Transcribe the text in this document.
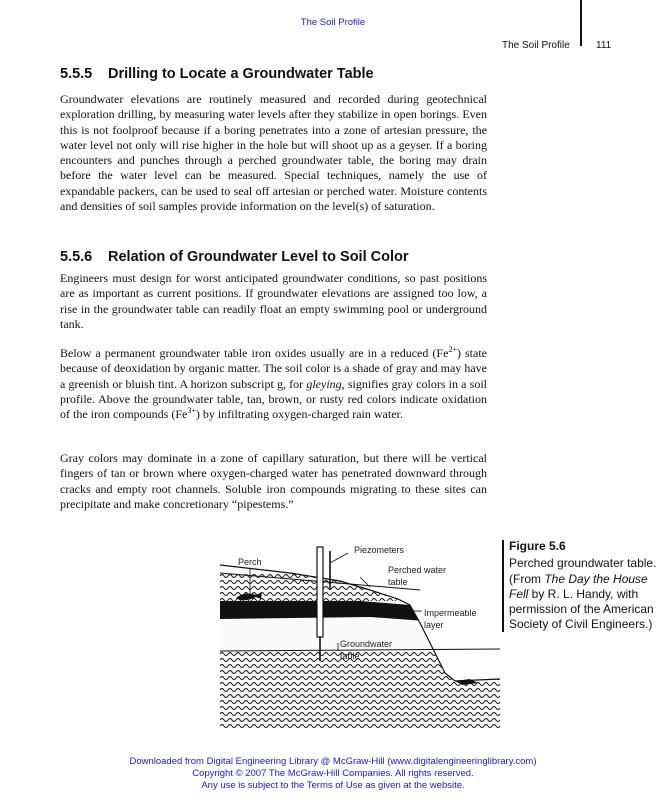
The Soil Profile
The Soil Profile	111
5.5.5 Drilling to Locate a Groundwater Table

Groundwater elevations are routinely measured and recorded during geotechnical exploration drilling, by measuring water levels after they stabilize in open borings. Even this is not foolproof because if a boring penetrates into a zone of artesian pressure, the water level not only will rise higher in the hole but will shoot up as a geyser. If a boring encounters and punches through a perched groundwater table, the boring may drain before the water level can be measured. Special techniques, namely the use of expandable packers, can be used to seal off artesian or perched water. Moisture contents and densities of soil samples provide information on the level(s) of saturation.

5.5.6 Relation of Groundwater Level to Soil Color

Engineers must design for worst anticipated groundwater conditions, so past positions are as important as current positions. If groundwater elevations are assigned too low, a rise in the groundwater table can readily float an empty swimming pool or underground tank.

Below a permanent groundwater table iron oxides usually are in a reduced $(Fe^{2+})$ state because of deoxidation by organic matter. The soil color is a shade of gray and may have a greenish or bluish tint. A horizon subscript g, for gleying, signifies gray colors in a soil profile. Above the groundwater table, tan, brown, or rusty red colors indicate oxidation of the iron compounds $(Fe^{3+})$ by infiltrating oxygen-charged rain water.

Gray colors may dominate in a zone of capillary saturation, but there will be vertical fingers of tan or brown where oxygen-charged water has penetrated downward through cracks and empty root channels. Soluble iron compounds migrating to these sites can precipitate and make concretionary “pipestems.”

Piezometers
Perch
Perched water
table
Impermeable
layer
Groundwater
table
Figure 5.6
Perched groundwater table. (From The Day the House Fell by R. L. Handy, with permission of the American Society of Civil Engineers.)
Downloaded from Digital Engineering Library @ McGraw-Hill (www.digitalengineeringlibrary.com)
Copyright © 2007 The McGraw-Hill Companies. All rights reserved.
Any use is subject to the Terms of Use as given at the website.
